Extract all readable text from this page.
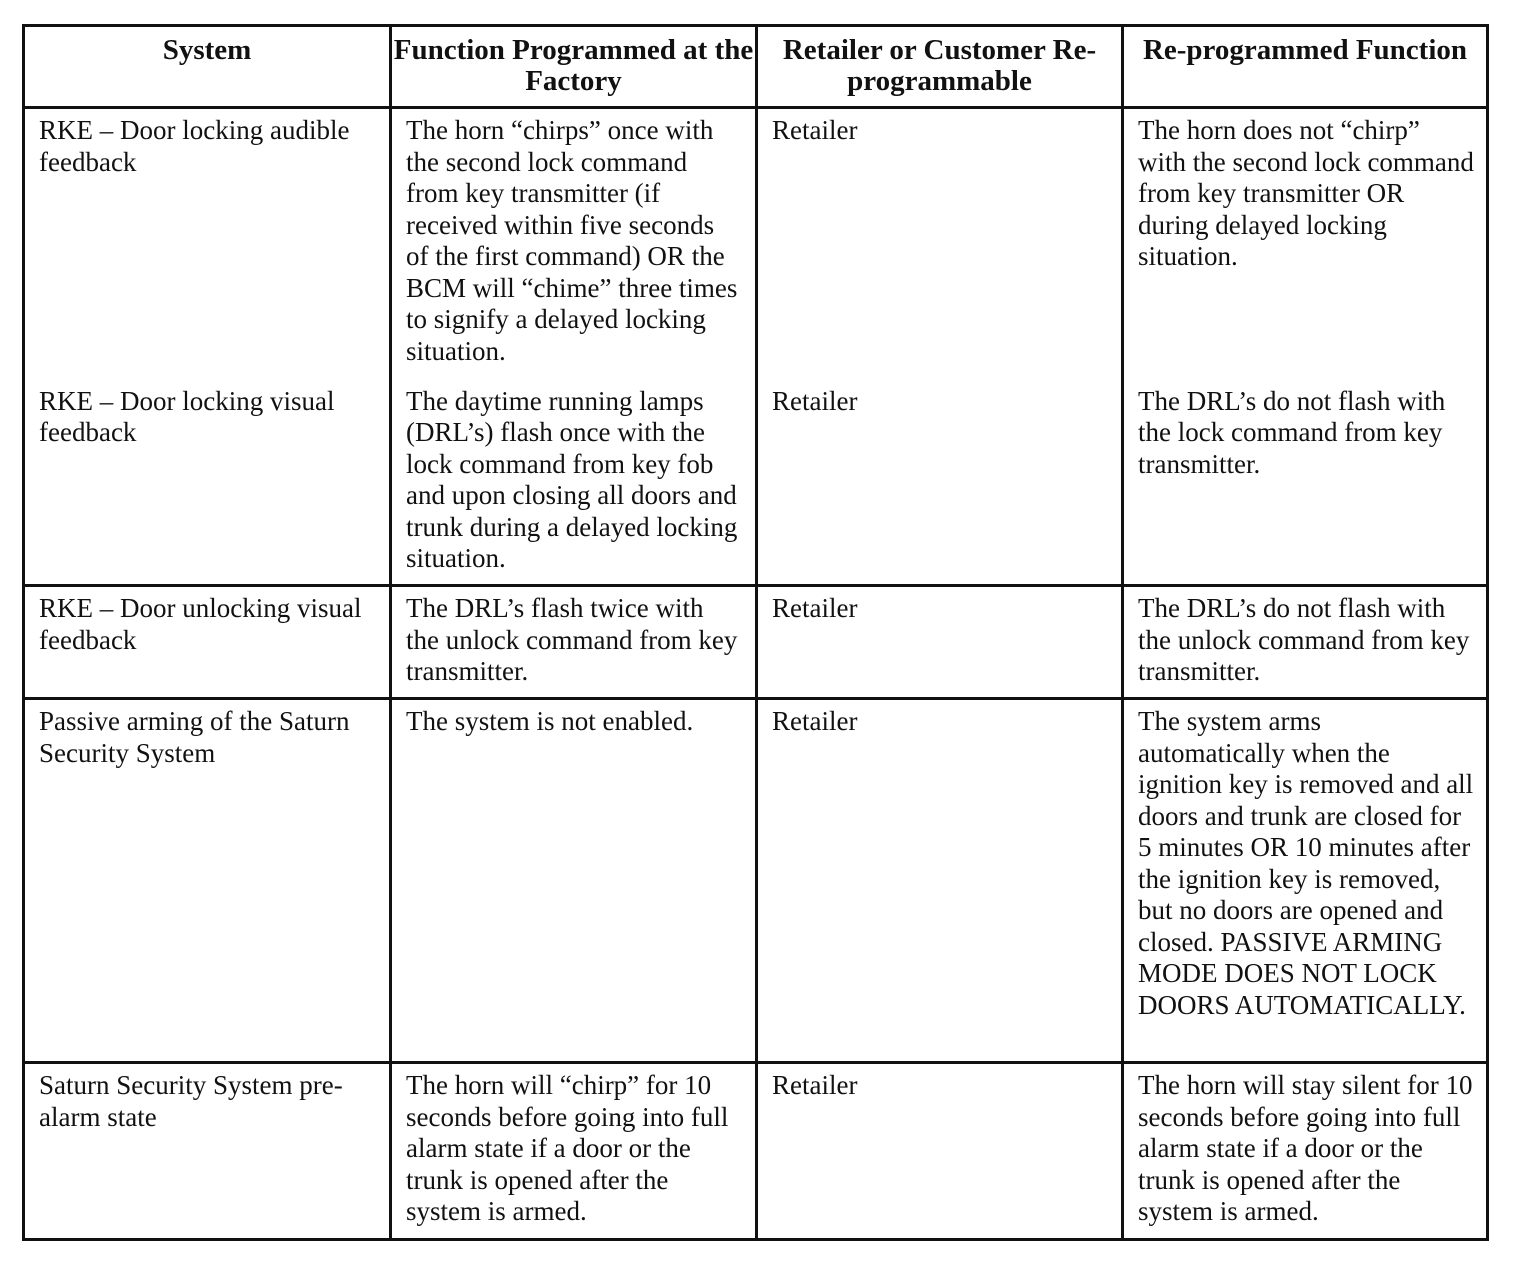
System	Function Programmed at the Factory	Retailer or Customer Re-programmable	Re-programmed Function

RKE – Door locking audible feedback	The horn “chirps” once with the second lock command from key transmitter (if received within five seconds of the first command) OR the BCM will “chime” three times to signify a delayed locking situation.	Retailer	The horn does not “chirp” with the second lock command from key transmitter OR during delayed locking situation.

RKE – Door locking visual feedback	The daytime running lamps (DRL’s) flash once with the lock command from key fob and upon closing all doors and trunk during a delayed locking situation.	Retailer	The DRL’s do not flash with the lock command from key transmitter.

RKE – Door unlocking visual feedback	The DRL’s flash twice with the unlock command from key transmitter.	Retailer	The DRL’s do not flash with the unlock command from key transmitter.

Passive arming of the Saturn Security System	The system is not enabled.	Retailer	The system arms automatically when the ignition key is removed and all doors and trunk are closed for 5 minutes OR 10 minutes after the ignition key is removed, but no doors are opened and closed. PASSIVE ARMING MODE DOES NOT LOCK DOORS AUTOMATICALLY.

Saturn Security System pre-alarm state	The horn will “chirp” for 10 seconds before going into full alarm state if a door or the trunk is opened after the system is armed.	Retailer	The horn will stay silent for 10 seconds before going into full alarm state if a door or the trunk is opened after the system is armed.
